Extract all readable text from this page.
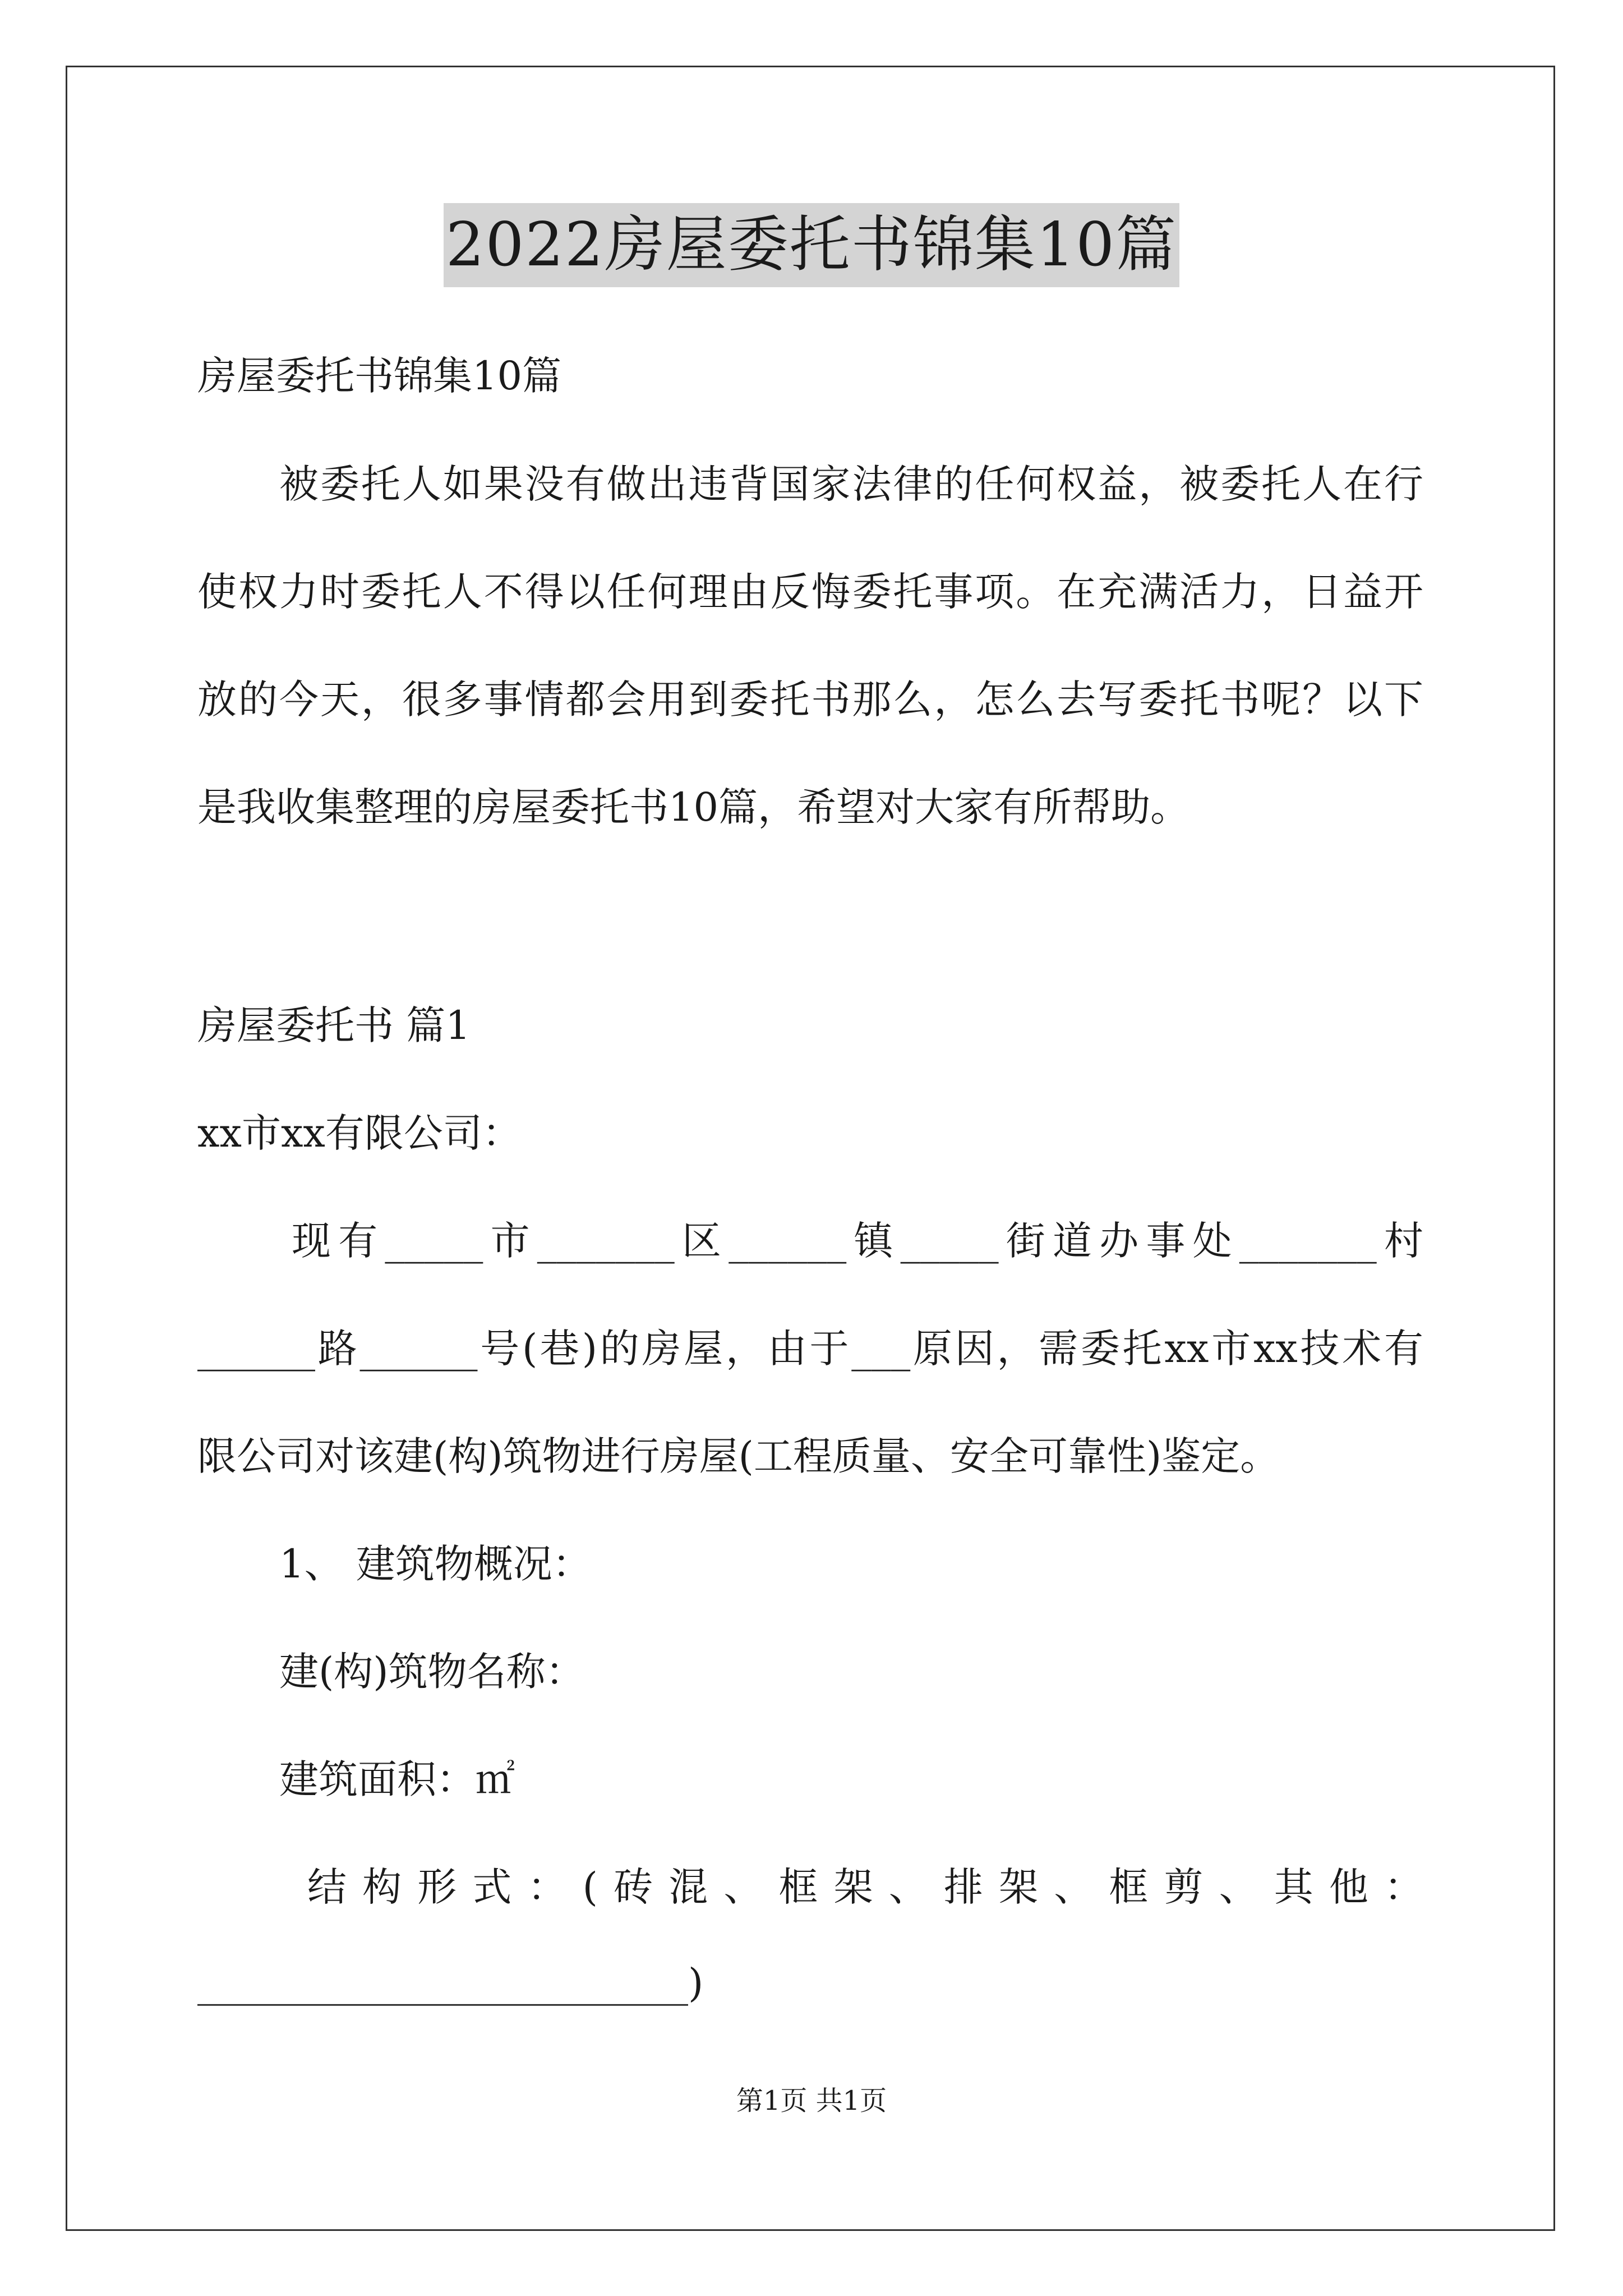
2022房屋委托书锦集10篇
房屋委托书锦集10篇
被委托人如果没有做出违背国家法律的任何权益，被委托人在行
使权力时委托人不得以任何理由反悔委托事项。在充满活力，日益开
放的今天，很多事情都会用到委托书那么，怎么去写委托书呢？以下
是我收集整理的房屋委托书10篇，希望对大家有所帮助。
房屋委托书 篇1
xx市xx有限公司：
现有_____市_______区______镇_____街道办事处_______村
______路______号(巷)的房屋，由于___原因，需委托xx市xx技术有
限公司对该建(构)筑物进行房屋(工程质量、安全可靠性)鉴定。
1、 建筑物概况：
建(构)筑物名称：
建筑面积：㎡
结构形式：(砖混、框架、排架、框剪、其他：
_________________________)
第1页 共1页
